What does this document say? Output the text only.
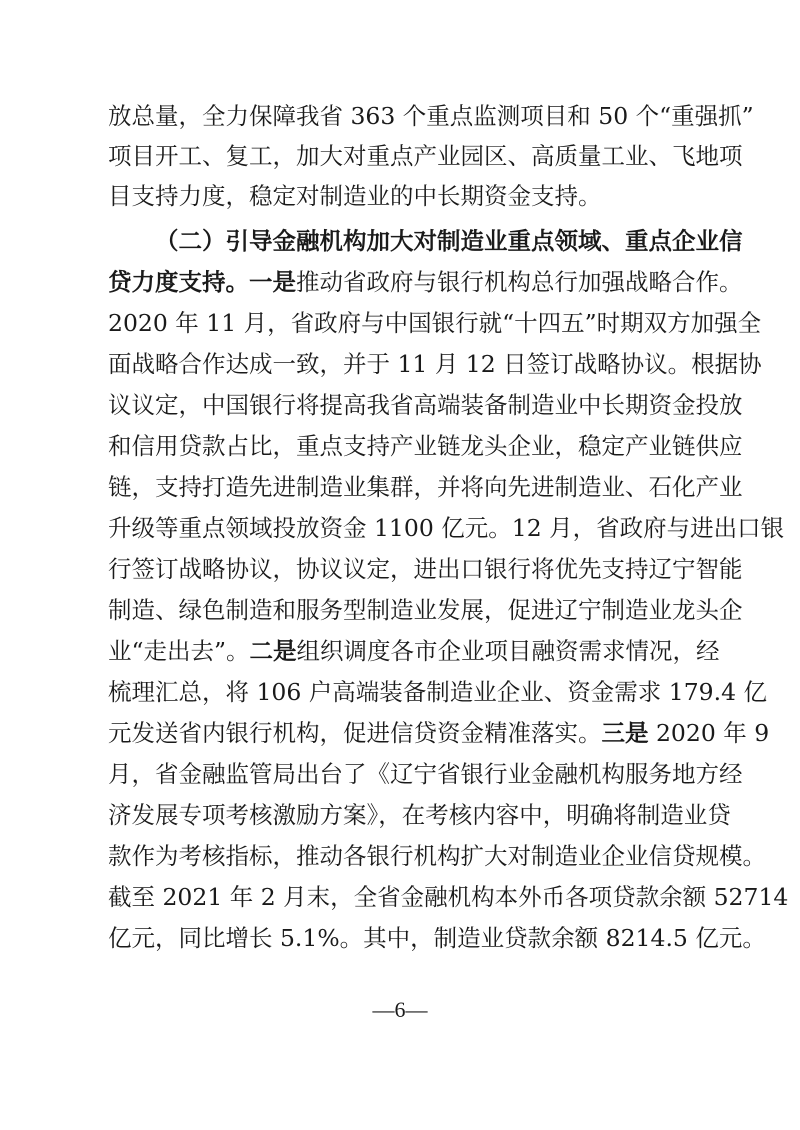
放总量，全力保障我省 363 个重点监测项目和 50 个“重强抓”
项目开工、复工，加大对重点产业园区、高质量工业、飞地项
目支持力度，稳定对制造业的中长期资金支持。
（二）引导金融机构加大对制造业重点领域、重点企业信
贷力度支持。一是推动省政府与银行机构总行加强战略合作。
2020 年 11 月，省政府与中国银行就“十四五”时期双方加强全
面战略合作达成一致，并于 11 月 12 日签订战略协议。根据协
议议定，中国银行将提高我省高端装备制造业中长期资金投放
和信用贷款占比，重点支持产业链龙头企业，稳定产业链供应
链，支持打造先进制造业集群，并将向先进制造业、石化产业
升级等重点领域投放资金 1100 亿元。12 月，省政府与进出口银
行签订战略协议，协议议定，进出口银行将优先支持辽宁智能
制造、绿色制造和服务型制造业发展，促进辽宁制造业龙头企
业“走出去”。二是组织调度各市企业项目融资需求情况，经
梳理汇总，将 106 户高端装备制造业企业、资金需求 179.4 亿
元发送省内银行机构，促进信贷资金精准落实。三是 2020 年 9
月，省金融监管局出台了《辽宁省银行业金融机构服务地方经
济发展专项考核激励方案》，在考核内容中，明确将制造业贷
款作为考核指标，推动各银行机构扩大对制造业企业信贷规模。
截至 2021 年 2 月末，全省金融机构本外币各项贷款余额 52714
亿元，同比增长 5.1%。其中，制造业贷款余额 8214.5 亿元。
—6—
